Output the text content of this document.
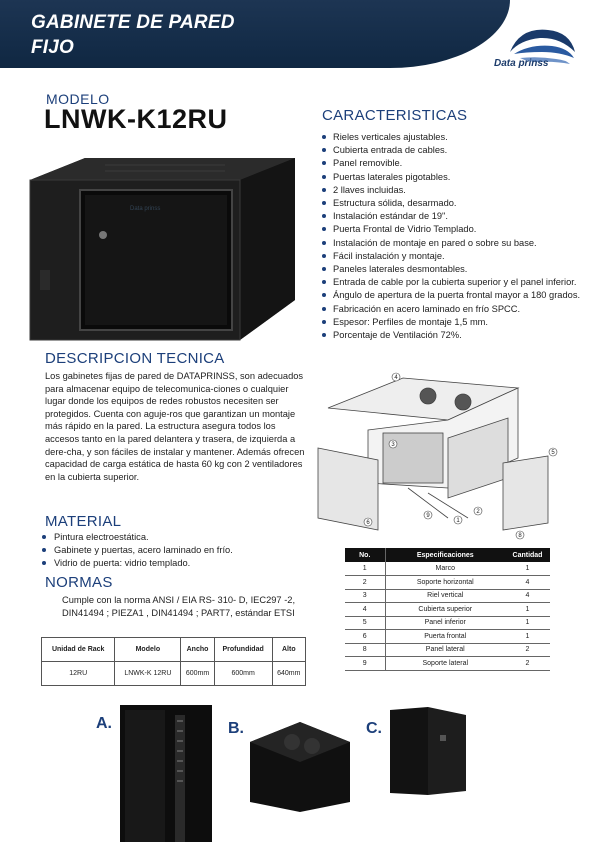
GABINETE DE PARED
FIJO
Data prinss
MODELO
LNWK-K12RU
Data prinss
CARACTERISTICAS
Rieles verticales ajustables.
Cubierta entrada de cables.
Panel removible.
Puertas laterales pigotables.
2 llaves incluidas.
Estructura sólida, desarmado.
Instalación estándar de 19".
Puerta Frontal de Vidrio Templado.
Instalación de montaje en pared o sobre su base.
Fácil instalación y montaje.
Paneles laterales desmontables.
Entrada de cable por la cubierta superior y el panel inferior.
Ángulo de apertura de la puerta frontal mayor a 180 grados.
Fabricación en acero laminado en frío SPCC.
Espesor: Perfiles de montaje 1,5 mm.
Porcentaje de Ventilación 72%.
DESCRIPCION TECNICA
Los gabinetes fijas de pared de DATAPRINSS, son adecuados para almacenar equipo de telecomunica-ciones o cualquier lugar donde los equipos de redes robustos necesiten ser protegidos. Cuenta con aguje-ros que garantizan un montaje más rápido en la pared. La estructura asegura todos los accesos tanto en la pared delantera y trasera, de izquierda a dere-cha, y son fáciles de instalar y mantener. Además ofrecen capacidad de carga estática de hasta 60 kg con 2 ventiladores en la cubierta superior.
MATERIAL
Pintura electroestática.
Gabinete y puertas, acero laminado en frío.
Vidrio de puerta: vidrio templado.
NORMAS
Cumple con la norma ANSI / EIA RS- 310- D, IEC297 -2, DIN41494 ; PIEZA1 , DIN41494 ; PART7, estándar ETSI
Unidad de Rack	Modelo	Ancho	Profundidad	Alto
12RU	LNWK-K 12RU	600mm	600mm	640mm
4
3
5
6
9
1
2
8
No.	Especificaciones	Cantidad
1	Marco	1
2	Soporte horizontal	4
3	Riel vertical	4
4	Cubierta superior	1
5	Panel inferior	1
6	Puerta frontal	1
8	Panel lateral	2
9	Soporte lateral	2
A.	B.	C.
